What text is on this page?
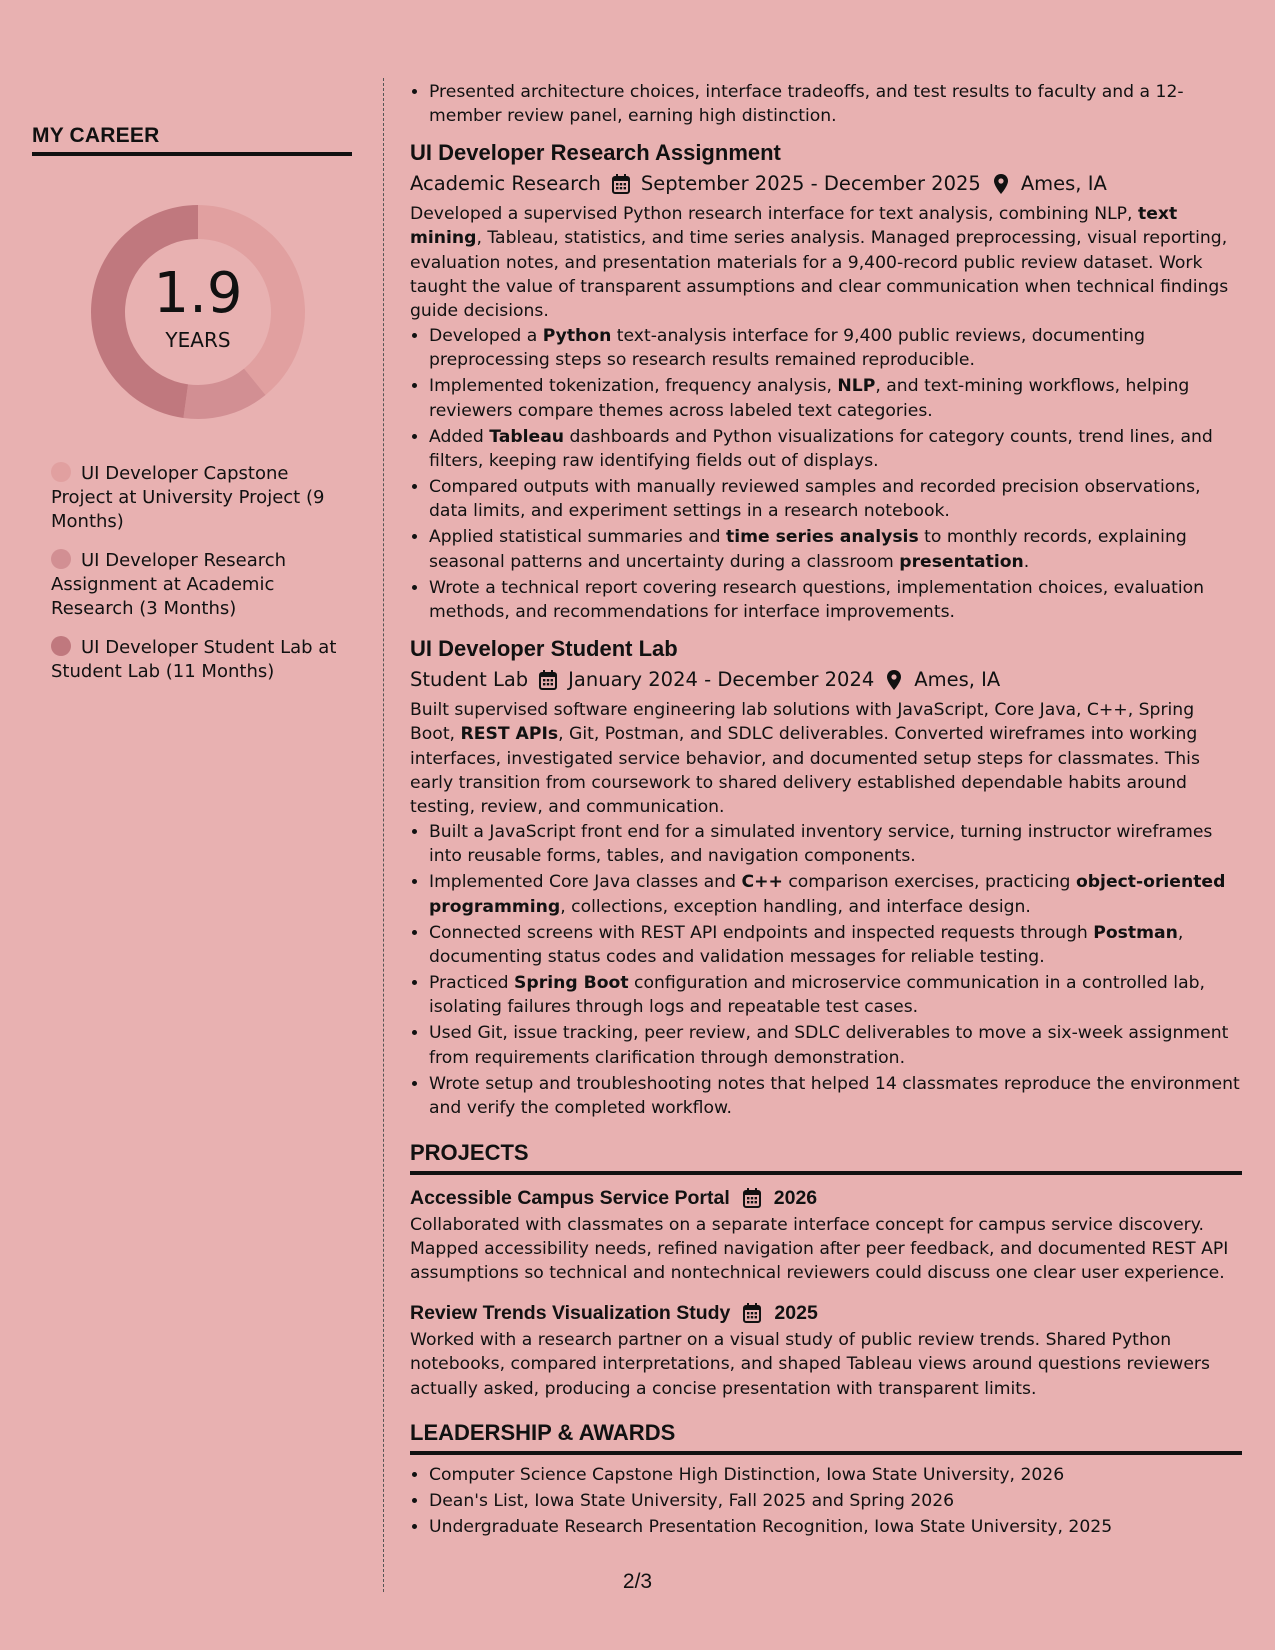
MY CAREER
1.9
YEARS
UI Developer Capstone Project at University Project (9 Months)
UI Developer Research Assignment at Academic Research (3 Months)
UI Developer Student Lab at Student Lab (11 Months)
• Presented architecture choices, interface tradeoffs, and test results to faculty and a 12-member review panel, earning high distinction.
UI Developer Research Assignment
Academic Research September 2025 - December 2025 Ames, IA
Developed a supervised Python research interface for text analysis, combining NLP, text mining, Tableau, statistics, and time series analysis. Managed preprocessing, visual reporting, evaluation notes, and presentation materials for a 9,400-record public review dataset. Work taught the value of transparent assumptions and clear communication when technical findings guide decisions.
• Developed a Python text-analysis interface for 9,400 public reviews, documenting preprocessing steps so research results remained reproducible.
• Implemented tokenization, frequency analysis, NLP, and text-mining workflows, helping reviewers compare themes across labeled text categories.
• Added Tableau dashboards and Python visualizations for category counts, trend lines, and filters, keeping raw identifying fields out of displays.
• Compared outputs with manually reviewed samples and recorded precision observations, data limits, and experiment settings in a research notebook.
• Applied statistical summaries and time series analysis to monthly records, explaining seasonal patterns and uncertainty during a classroom presentation.
• Wrote a technical report covering research questions, implementation choices, evaluation methods, and recommendations for interface improvements.
UI Developer Student Lab
Student Lab January 2024 - December 2024 Ames, IA
Built supervised software engineering lab solutions with JavaScript, Core Java, C++, Spring Boot, REST APIs, Git, Postman, and SDLC deliverables. Converted wireframes into working interfaces, investigated service behavior, and documented setup steps for classmates. This early transition from coursework to shared delivery established dependable habits around testing, review, and communication.
• Built a JavaScript front end for a simulated inventory service, turning instructor wireframes into reusable forms, tables, and navigation components.
• Implemented Core Java classes and C++ comparison exercises, practicing object-oriented programming, collections, exception handling, and interface design.
• Connected screens with REST API endpoints and inspected requests through Postman, documenting status codes and validation messages for reliable testing.
• Practiced Spring Boot configuration and microservice communication in a controlled lab, isolating failures through logs and repeatable test cases.
• Used Git, issue tracking, peer review, and SDLC deliverables to move a six-week assignment from requirements clarification through demonstration.
• Wrote setup and troubleshooting notes that helped 14 classmates reproduce the environment and verify the completed workflow.
PROJECTS
Accessible Campus Service Portal 2026
Collaborated with classmates on a separate interface concept for campus service discovery. Mapped accessibility needs, refined navigation after peer feedback, and documented REST API assumptions so technical and nontechnical reviewers could discuss one clear user experience.
Review Trends Visualization Study 2025
Worked with a research partner on a visual study of public review trends. Shared Python notebooks, compared interpretations, and shaped Tableau views around questions reviewers actually asked, producing a concise presentation with transparent limits.
LEADERSHIP & AWARDS
• Computer Science Capstone High Distinction, Iowa State University, 2026
• Dean's List, Iowa State University, Fall 2025 and Spring 2026
• Undergraduate Research Presentation Recognition, Iowa State University, 2025
2/3
